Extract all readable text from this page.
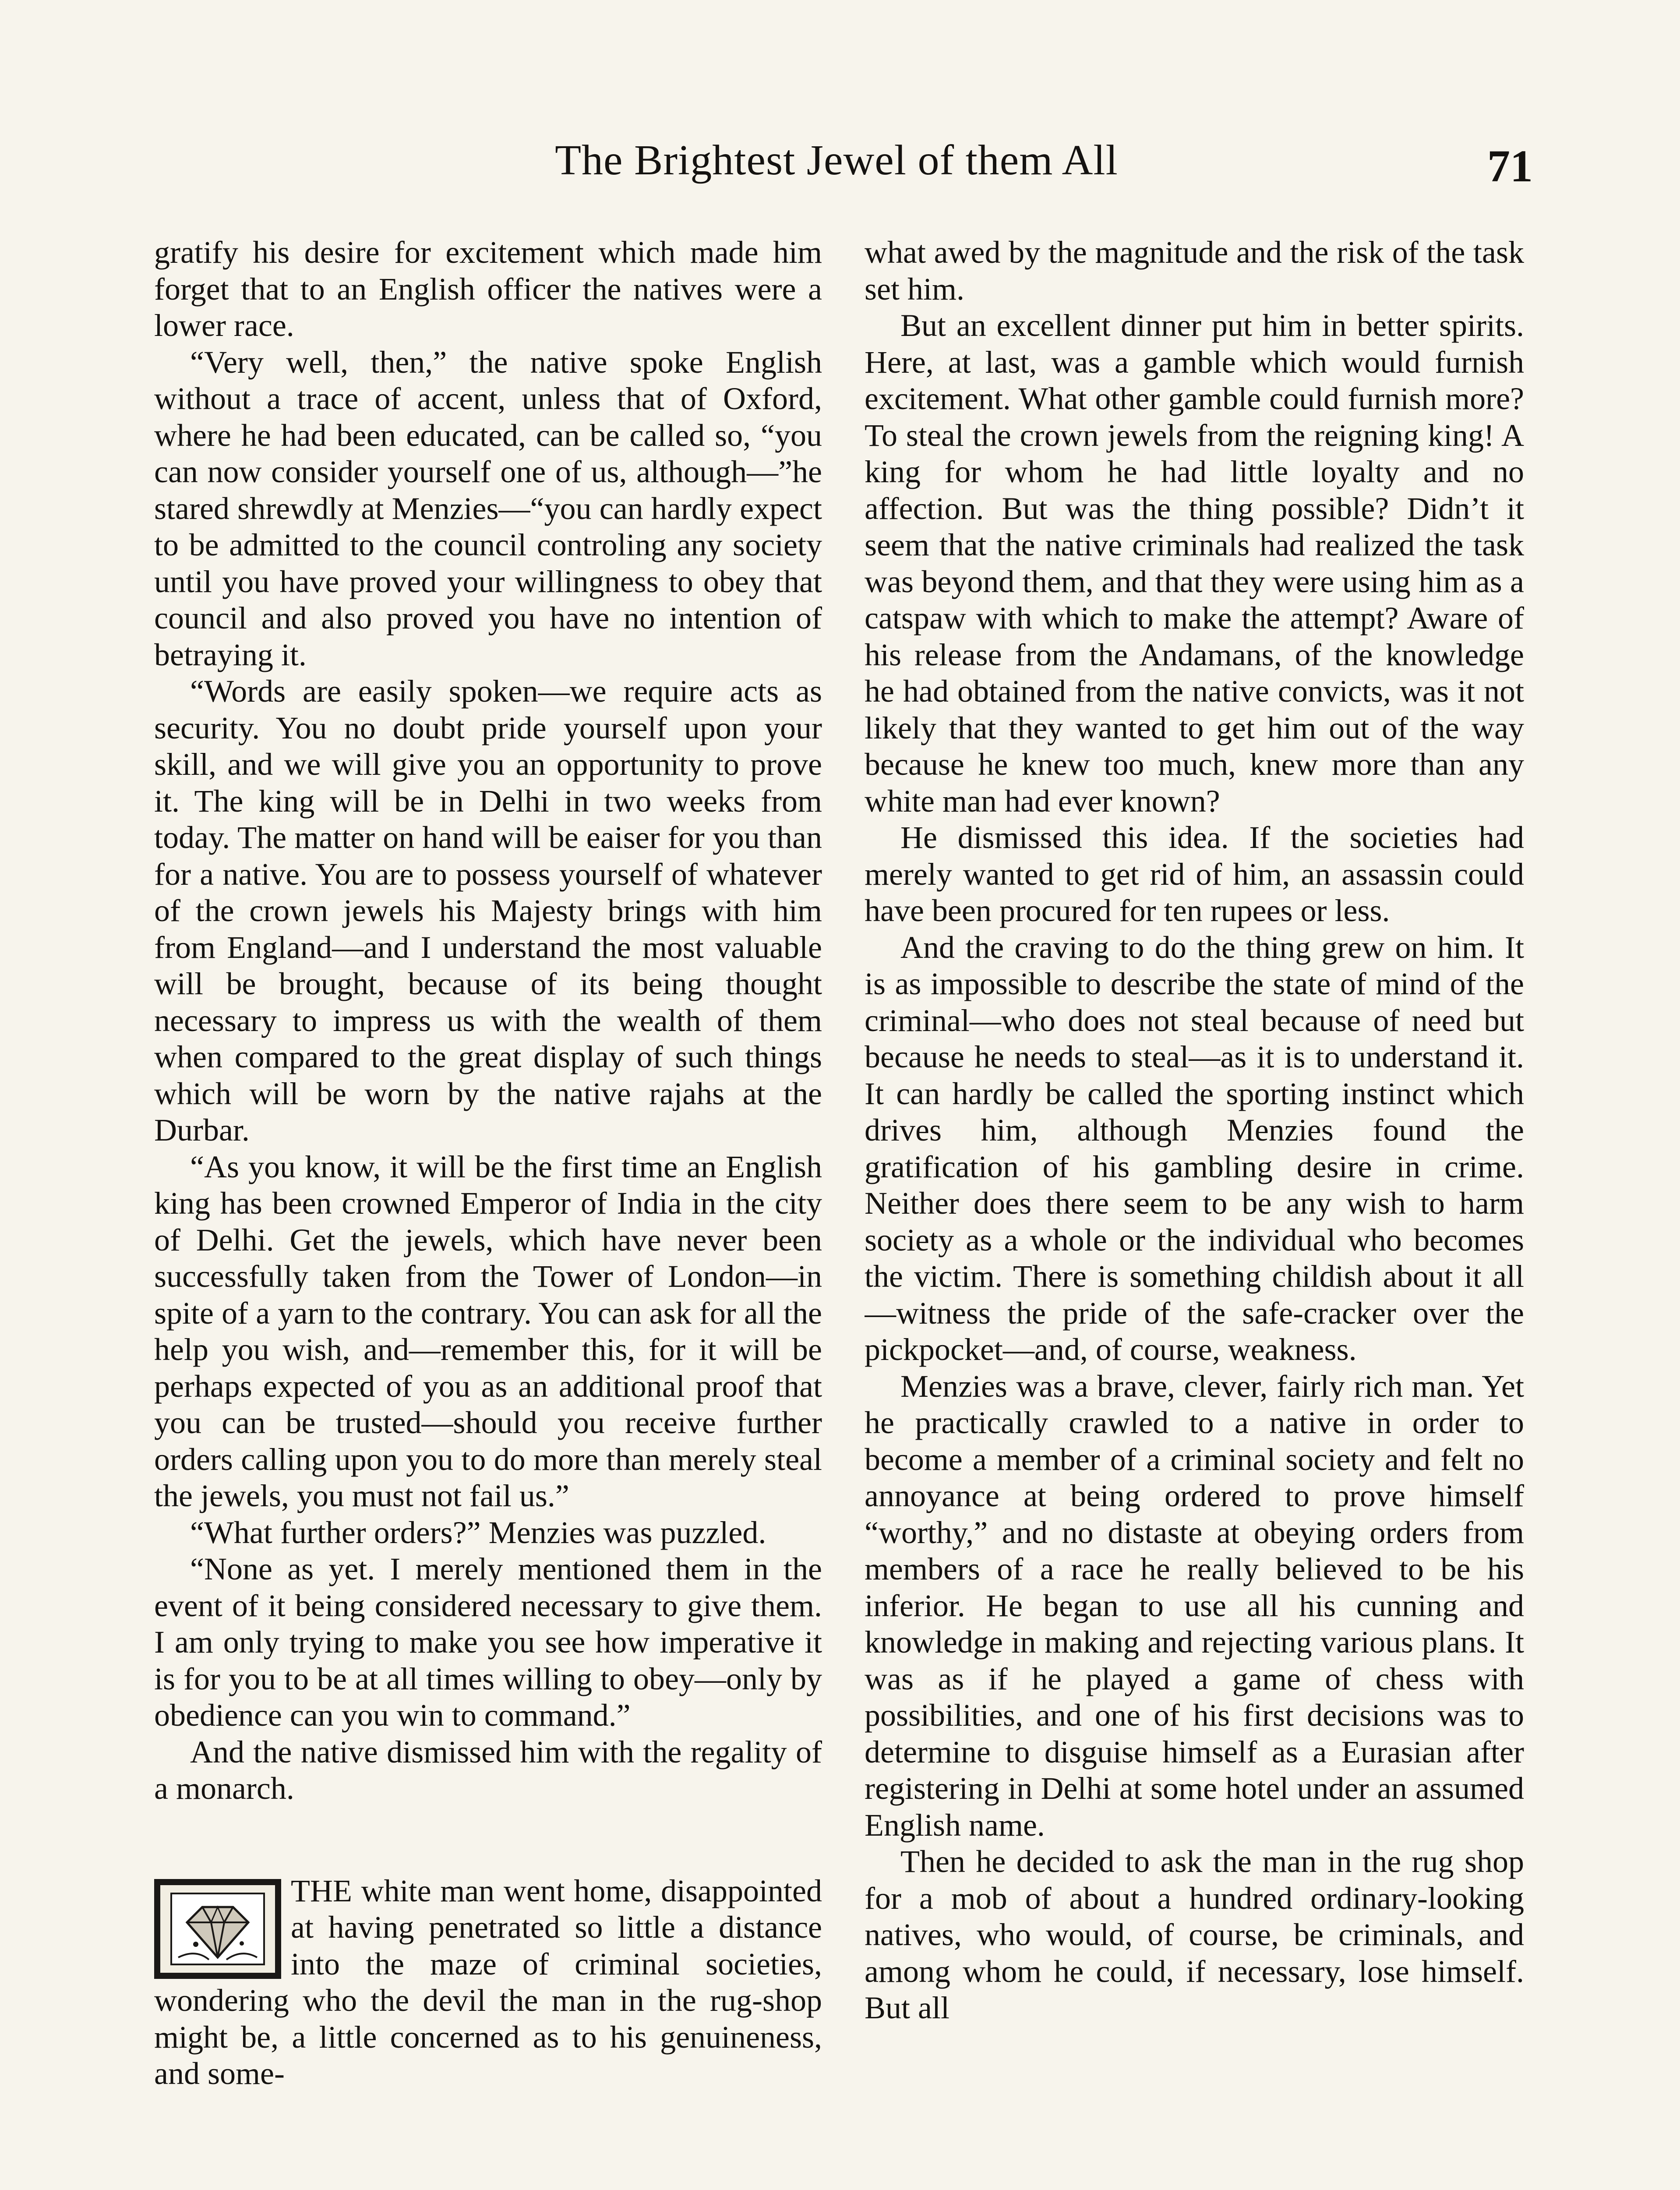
The Brightest Jewel of them All	71

gratify his desire for excitement which made him forget that to an English officer the natives were a lower race.

“Very well, then,” the native spoke English without a trace of accent, unless that of Oxford, where he had been educated, can be called so, “you can now consider yourself one of us, although—”he stared shrewdly at Menzies—“you can hardly expect to be admitted to the council controling any society until you have proved your willingness to obey that council and also proved you have no intention of betraying it.

“Words are easily spoken—we require acts as security. You no doubt pride yourself upon your skill, and we will give you an opportunity to prove it. The king will be in Delhi in two weeks from today. The matter on hand will be eaiser for you than for a native. You are to possess yourself of whatever of the crown jewels his Majesty brings with him from England—and I understand the most valuable will be brought, because of its being thought necessary to impress us with the wealth of them when compared to the great display of such things which will be worn by the native rajahs at the Durbar.

“As you know, it will be the first time an English king has been crowned Emperor of India in the city of Delhi. Get the jewels, which have never been successfully taken from the Tower of London—in spite of a yarn to the contrary. You can ask for all the help you wish, and—remember this, for it will be perhaps expected of you as an additional proof that you can be trusted—should you receive further orders calling upon you to do more than merely steal the jewels, you must not fail us.”

“What further orders?” Menzies was puzzled.

“None as yet. I merely mentioned them in the event of it being considered necessary to give them. I am only trying to make you see how imperative it is for you to be at all times willing to obey—only by obedience can you win to command.”

And the native dismissed him with the regality of a monarch.

THE white man went home, disappointed at having penetrated so little a distance into the maze of criminal societies, wondering who the devil the man in the rug-shop might be, a little concerned as to his genuineness, and some-

what awed by the magnitude and the risk of the task set him.

But an excellent dinner put him in better spirits. Here, at last, was a gamble which would furnish excitement. What other gamble could furnish more? To steal the crown jewels from the reigning king! A king for whom he had little loyalty and no affection. But was the thing possible? Didn’t it seem that the native criminals had realized the task was beyond them, and that they were using him as a catspaw with which to make the attempt? Aware of his release from the Andamans, of the knowledge he had obtained from the native convicts, was it not likely that they wanted to get him out of the way because he knew too much, knew more than any white man had ever known?

He dismissed this idea. If the societies had merely wanted to get rid of him, an assassin could have been procured for ten rupees or less.

And the craving to do the thing grew on him. It is as impossible to describe the state of mind of the criminal—who does not steal because of need but because he needs to steal—as it is to understand it. It can hardly be called the sporting instinct which drives him, although Menzies found the gratification of his gambling desire in crime. Neither does there seem to be any wish to harm society as a whole or the individual who becomes the victim. There is something childish about it all—witness the pride of the safe-cracker over the pickpocket—and, of course, weakness.

Menzies was a brave, clever, fairly rich man. Yet he practically crawled to a native in order to become a member of a criminal society and felt no annoyance at being ordered to prove himself “worthy,” and no distaste at obeying orders from members of a race he really believed to be his inferior. He began to use all his cunning and knowledge in making and rejecting various plans. It was as if he played a game of chess with possibilities, and one of his first decisions was to determine to disguise himself as a Eurasian after registering in Delhi at some hotel under an assumed English name.

Then he decided to ask the man in the rug shop for a mob of about a hundred ordinary-looking natives, who would, of course, be criminals, and among whom he could, if necessary, lose himself. But all
